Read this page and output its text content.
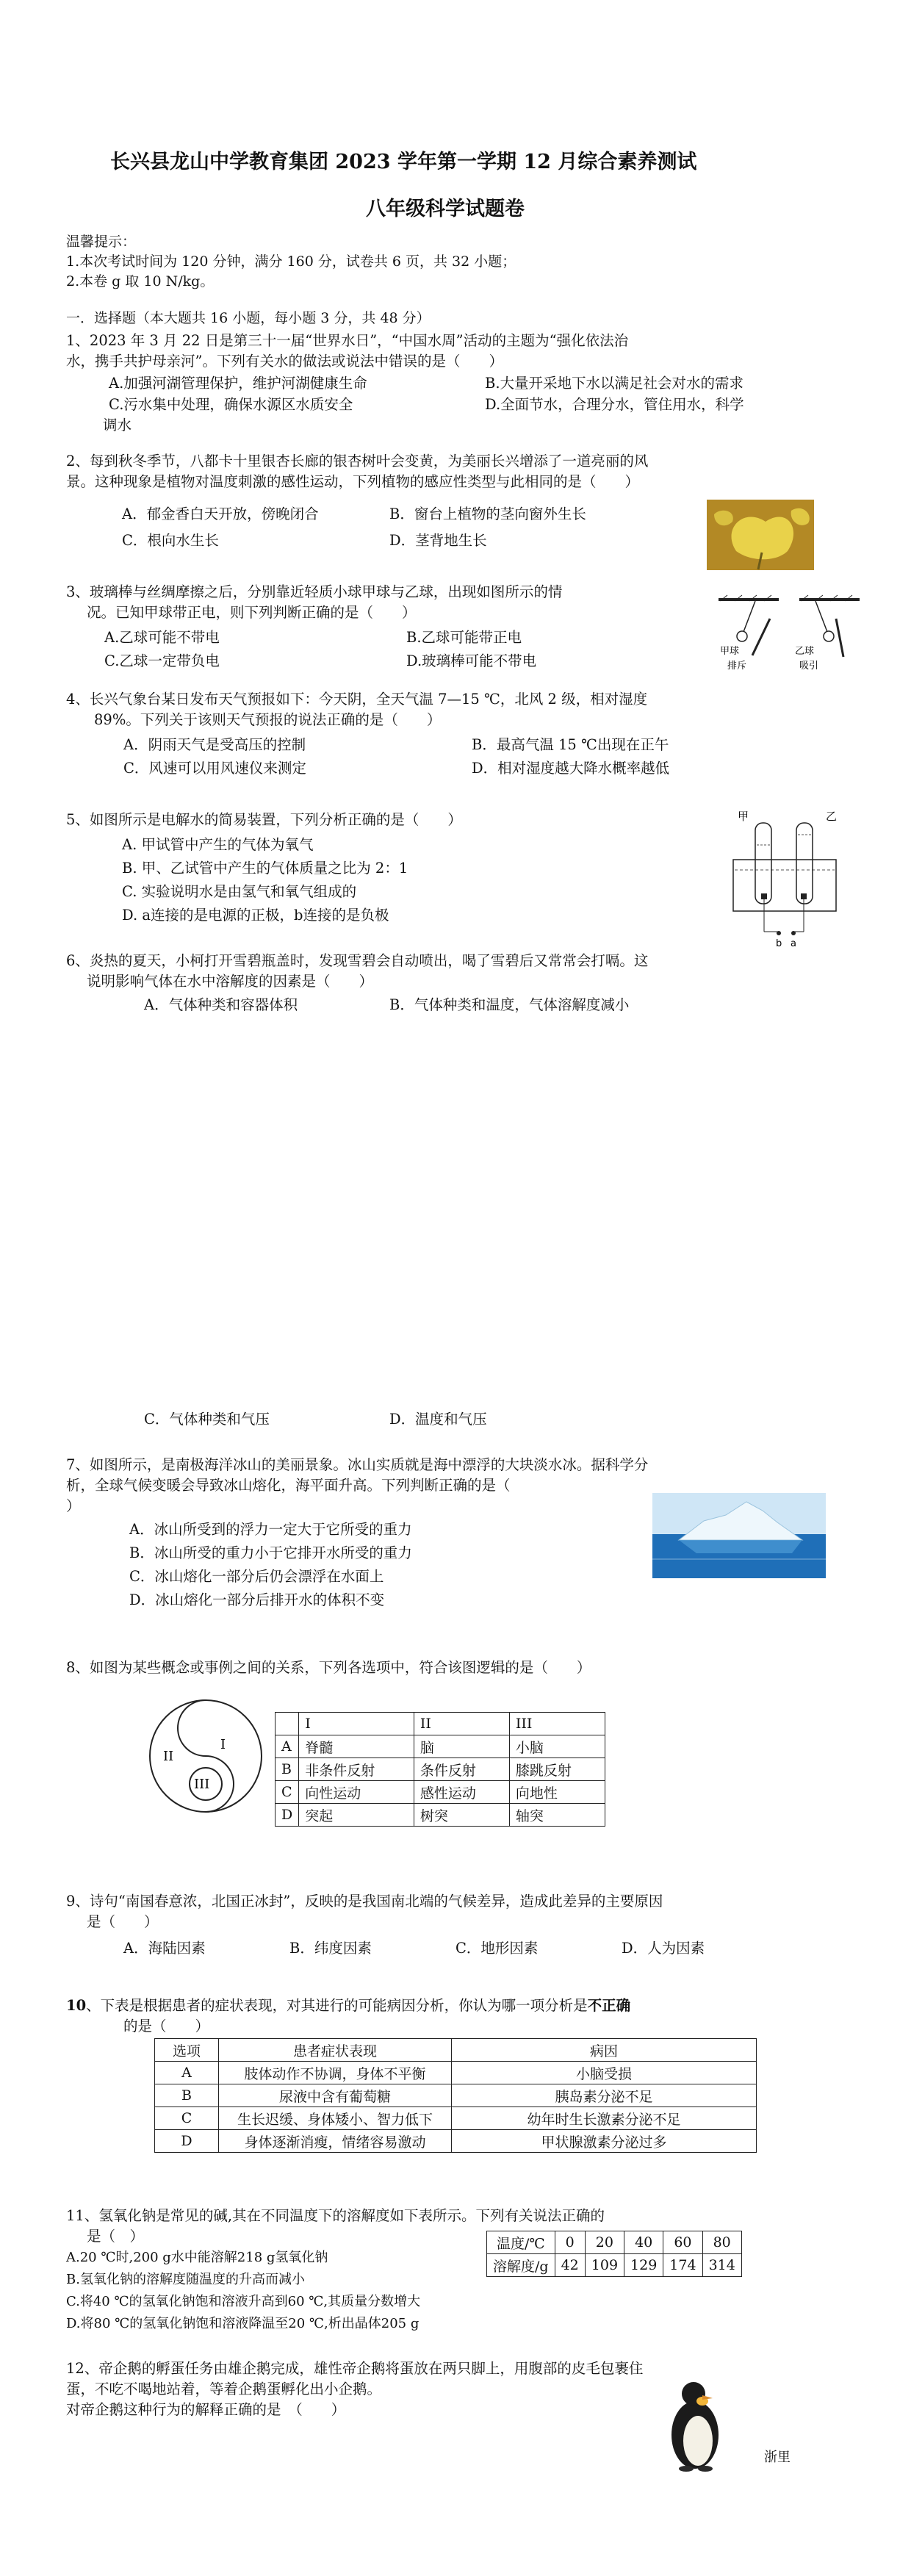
长兴县龙山中学教育集团 2023 学年第一学期 12 月综合素养测试
八年级科学试题卷
温馨提示：
1.本次考试时间为 120 分钟，满分 160 分，试卷共 6 页，共 32 小题；
2.本卷 g 取 10 N/kg。
一．选择题（本大题共 16 小题，每小题 3 分，共 48 分）
1、2023 年 3 月 22 日是第三十一届“世界水日”，“中国水周”活动的主题为“强化依法治
水，携手共护母亲河”。下列有关水的做法或说法中错误的是（　　）
A.加强河湖管理保护，维护河湖健康生命	B.大量开采地下水以满足社会对水的需求
C.污水集中处理，确保水源区水质安全	D.全面节水，合理分水，管住用水，科学
调水
2、每到秋冬季节，八都卡十里银杏长廊的银杏树叶会变黄，为美丽长兴增添了一道亮丽的风
景。这种现象是植物对温度刺激的感性运动，下列植物的感应性类型与此相同的是（　　）
A．郁金香白天开放，傍晚闭合	B．窗台上植物的茎向窗外生长
C．根向水生长	D．茎背地生长
3、玻璃棒与丝绸摩擦之后，分别靠近轻质小球甲球与乙球，出现如图所示的情
况。已知甲球带正电，则下列判断正确的是（　　）
A.乙球可能不带电	B.乙球可能带正电
C.乙球一定带负电	D.玻璃棒可能不带电
甲球
排斥
乙球
吸引
4、长兴气象台某日发布天气预报如下：今天阴，全天气温 7—15 ℃，北风 2 级，相对湿度
89%。下列关于该则天气预报的说法正确的是（　　）
A．阴雨天气是受高压的控制	B．最高气温 15 ℃出现在正午
C．风速可以用风速仪来测定	D．相对湿度越大降水概率越低
5、如图所示是电解水的简易装置，下列分析正确的是（　　）
A. 甲试管中产生的气体为氧气
B. 甲、乙试管中产生的气体质量之比为 2：1
C. 实验说明水是由氢气和氧气组成的
D. a连接的是电源的正极，b连接的是负极
甲	乙
b a
6、炎热的夏天，小柯打开雪碧瓶盖时，发现雪碧会自动喷出，喝了雪碧后又常常会打嗝。这
说明影响气体在水中溶解度的因素是（　　）
A．气体种类和容器体积	B．气体种类和温度，气体溶解度减小
C．气体种类和气压	D．温度和气压
7、如图所示，是南极海洋冰山的美丽景象。冰山实质就是海中漂浮的大块淡水冰。据科学分
析，全球气候变暖会导致冰山熔化，海平面升高。下列判断正确的是（
）
A．冰山所受到的浮力一定大于它所受的重力
B．冰山所受的重力小于它排开水所受的重力
C．冰山熔化一部分后仍会漂浮在水面上
D．冰山熔化一部分后排开水的体积不变
8、如图为某些概念或事例之间的关系，下列各选项中，符合该图逻辑的是（　　）
II
I
III
	I	II	III
A	脊髓	脑	小脑
B	非条件反射	条件反射	膝跳反射
C	向性运动	感性运动	向地性
D	突起	树突	轴突
9、诗句“南国春意浓，北国正冰封”，反映的是我国南北端的气候差异，造成此差异的主要原因
是（　　）
A．海陆因素	B．纬度因素	C．地形因素	D．人为因素
10、下表是根据患者的症状表现，对其进行的可能病因分析，你认为哪一项分析是不正确
的是（　　）
选项	患者症状表现	病因
A	肢体动作不协调，身体不平衡	小脑受损
B	尿液中含有葡萄糖	胰岛素分泌不足
C	生长迟缓、身体矮小、智力低下	幼年时生长激素分泌不足
D	身体逐渐消瘦，情绪容易激动	甲状腺激素分泌过多
11、氢氧化钠是常见的碱,其在不同温度下的溶解度如下表所示。下列有关说法正确的
是（　）
A.20 ℃时,200 g水中能溶解218 g氢氧化钠
B.氢氧化钠的溶解度随温度的升高而减小
C.将40 ℃的氢氧化钠饱和溶液升高到60 ℃,其质量分数增大
D.将80 ℃的氢氧化钠饱和溶液降温至20 ℃,析出晶体205 g
温度/℃	0	20	40	60	80
溶解度/g	42	109	129	174	314
12、帝企鹅的孵蛋任务由雄企鹅完成，雄性帝企鹅将蛋放在两只脚上，用腹部的皮毛包裹住
蛋，不吃不喝地站着，等着企鹅蛋孵化出小企鹅。
对帝企鹅这种行为的解释正确的是　（　　）
浙里
